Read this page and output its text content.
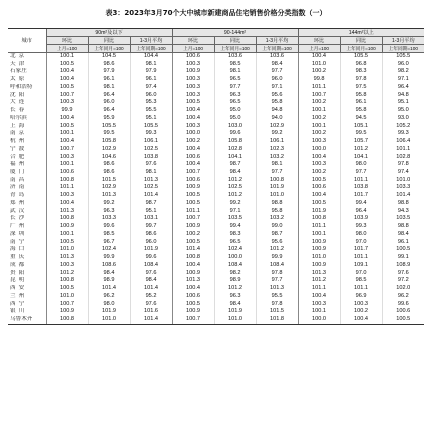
表3：2023年3月70个大中城市新建商品住宅销售价格分类指数（一）
城市	90m²及以下			90-144m²			144m²以上		
	环比	同比	1-3月平均	环比	同比	1-3月平均	环比	同比	1-3月平均
	上月=100	上年同月=100	上年同期=100	上月=100	上年同月=100	上年同期=100	上月=100	上年同月=100	上年同期=100
北京	100.1	104.5	104.4	100.6	103.6	103.6	100.4	105.5	105.5
天津	100.5	98.6	98.1	100.3	98.5	98.4	101.0	96.8	96.0
石家庄	100.4	97.9	97.9	100.9	98.1	97.7	100.2	98.3	98.2
太原	100.4	96.1	96.1	100.3	96.5	96.0	99.8	97.8	97.1
呼和浩特	100.5	98.1	97.4	100.3	97.7	97.1	101.1	97.5	96.4
沈阳	100.7	96.4	96.0	100.3	96.3	95.6	100.7	95.8	94.8
大连	100.3	96.0	95.3	100.5	96.5	95.8	100.2	96.1	95.1
长春	99.9	96.4	95.5	100.4	95.0	94.8	100.1	95.8	95.0
哈尔滨	100.4	95.9	95.1	100.4	95.0	94.0	100.2	94.5	93.0
上海	100.5	105.5	105.5	100.3	103.0	102.9	100.1	105.1	105.2
南京	100.1	99.5	99.3	100.0	99.6	99.2	100.2	99.5	99.3
杭州	100.4	105.8	106.1	100.2	105.8	106.1	100.3	105.7	106.4
宁波	100.7	102.9	102.5	100.4	102.8	102.3	100.0	101.2	101.1
合肥	100.3	104.6	103.8	100.6	104.1	103.2	100.4	104.1	102.8
福州	100.1	98.6	97.6	100.4	98.7	98.1	100.3	98.0	97.8
厦门	100.6	98.6	98.1	100.7	98.4	97.7	100.2	97.7	97.4
南昌	100.8	101.5	101.3	100.6	101.2	100.8	100.5	101.1	101.0
济南	101.1	102.9	102.5	100.9	102.5	101.9	100.6	103.8	103.3
青岛	100.3	101.3	101.4	100.5	101.2	101.0	100.4	101.7	101.4
郑州	100.4	99.2	98.7	100.5	99.2	98.8	100.5	99.4	98.8
武汉	101.3	96.3	95.1	101.1	97.1	95.8	101.9	96.4	94.3
长沙	100.8	103.3	103.1	100.7	103.5	103.2	100.8	103.9	103.5
广州	100.9	99.6	99.7	100.9	99.4	99.0	101.1	99.3	98.8
深圳	100.1	98.5	98.6	100.2	98.3	98.7	100.1	98.0	98.4
南宁	100.5	96.7	96.0	100.5	96.5	95.6	100.9	97.0	96.1
海口	101.0	102.4	101.9	101.4	102.4	101.2	100.9	101.7	100.5
重庆	101.3	99.9	99.6	100.8	100.0	99.9	101.0	101.1	99.1
成都	100.3	108.6	108.4	100.4	108.4	108.4	100.9	109.1	108.9
贵阳	101.2	98.4	97.6	100.9	98.2	97.8	101.3	97.0	97.6
昆明	100.8	98.9	98.4	101.3	98.9	97.7	101.2	98.5	97.2
西安	100.5	101.4	101.4	100.4	101.2	101.3	101.1	101.1	102.0
兰州	101.0	96.2	95.2	100.6	96.3	95.5	100.4	96.9	96.2
西宁	100.7	98.0	97.6	100.5	98.4	97.8	100.3	100.3	99.6
银川	100.9	101.9	101.6	100.9	101.9	101.5	100.1	100.2	100.6
乌鲁木齐	100.8	101.0	101.4	100.7	101.0	101.8	100.0	100.4	100.5
